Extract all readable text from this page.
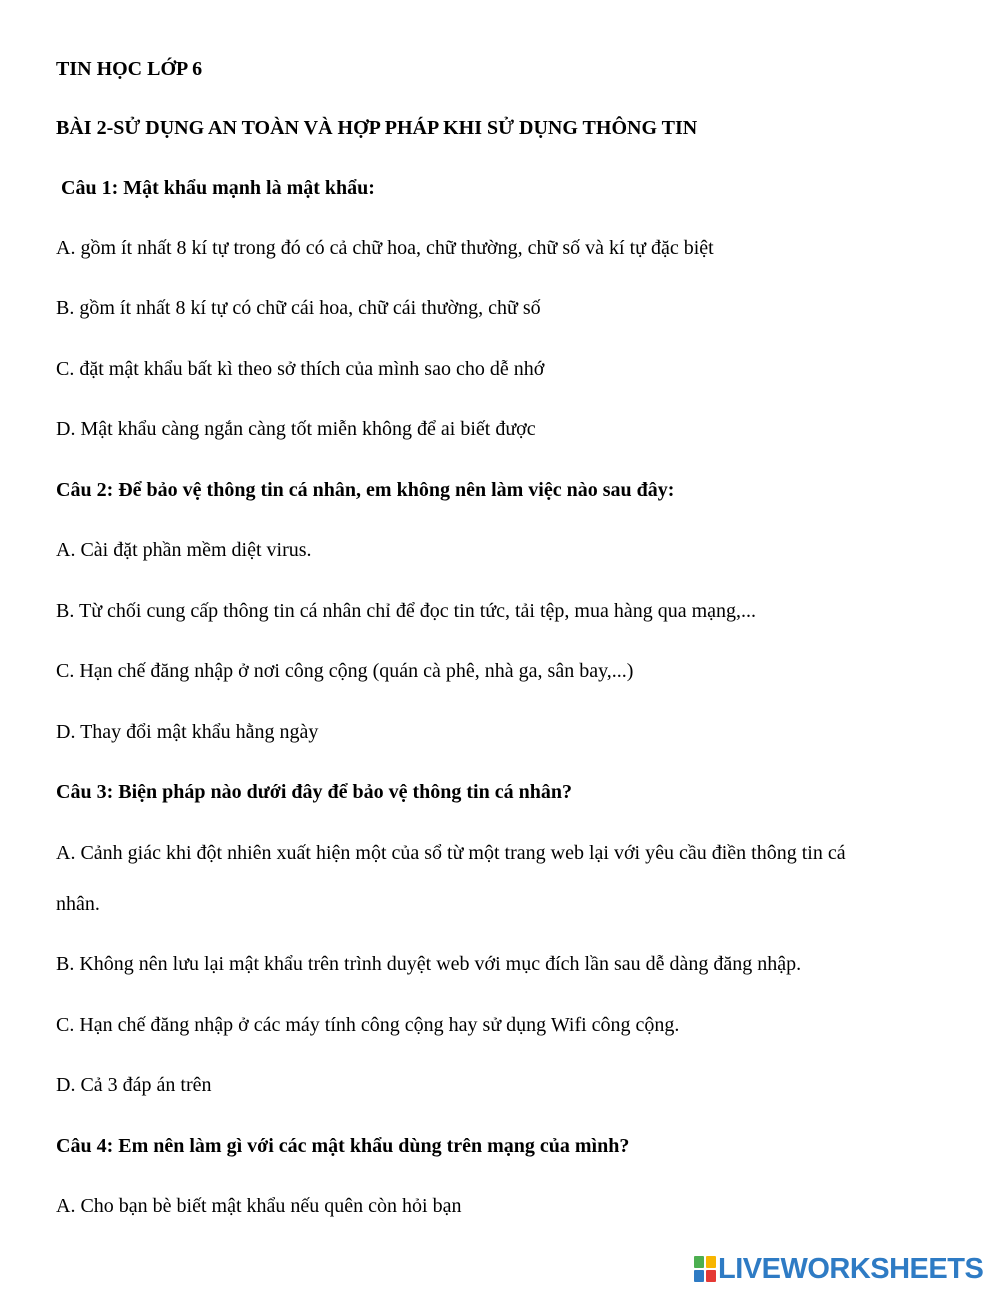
TIN HỌC LỚP 6
BÀI 2-SỬ DỤNG AN TOÀN VÀ HỢP PHÁP KHI SỬ DỤNG THÔNG TIN
Câu 1: Mật khẩu mạnh là mật khẩu:
A. gồm ít nhất 8 kí tự trong đó có cả chữ hoa, chữ thường, chữ số và kí tự đặc biệt
B. gồm ít nhất 8 kí tự có chữ cái hoa, chữ cái thường, chữ số
C. đặt mật khẩu bất kì theo sở thích của mình sao cho dễ nhớ
D. Mật khẩu càng ngắn càng tốt miễn không để ai biết được
Câu 2: Để bảo vệ thông tin cá nhân, em không nên làm việc nào sau đây:
A. Cài đặt phần mềm diệt virus.
B. Từ chối cung cấp thông tin cá nhân chỉ để đọc tin tức, tải tệp, mua hàng qua mạng,...
C. Hạn chế đăng nhập ở nơi công cộng (quán cà phê, nhà ga, sân bay,...)
D. Thay đổi mật khẩu hằng ngày
Câu 3: Biện pháp nào dưới đây để bảo vệ thông tin cá nhân?
A. Cảnh giác khi đột nhiên xuất hiện một của sổ từ một trang web lại với yêu cầu điền thông tin cá
nhân.
B. Không nên lưu lại mật khẩu trên trình duyệt web với mục đích lần sau dễ dàng đăng nhập.
C. Hạn chế đăng nhập ở các máy tính công cộng hay sử dụng Wifi công cộng.
D. Cả 3 đáp án trên
Câu 4: Em nên làm gì với các mật khẩu dùng trên mạng của mình?
A. Cho bạn bè biết mật khẩu nếu quên còn hỏi bạn
LIVEWORKSHEETS
